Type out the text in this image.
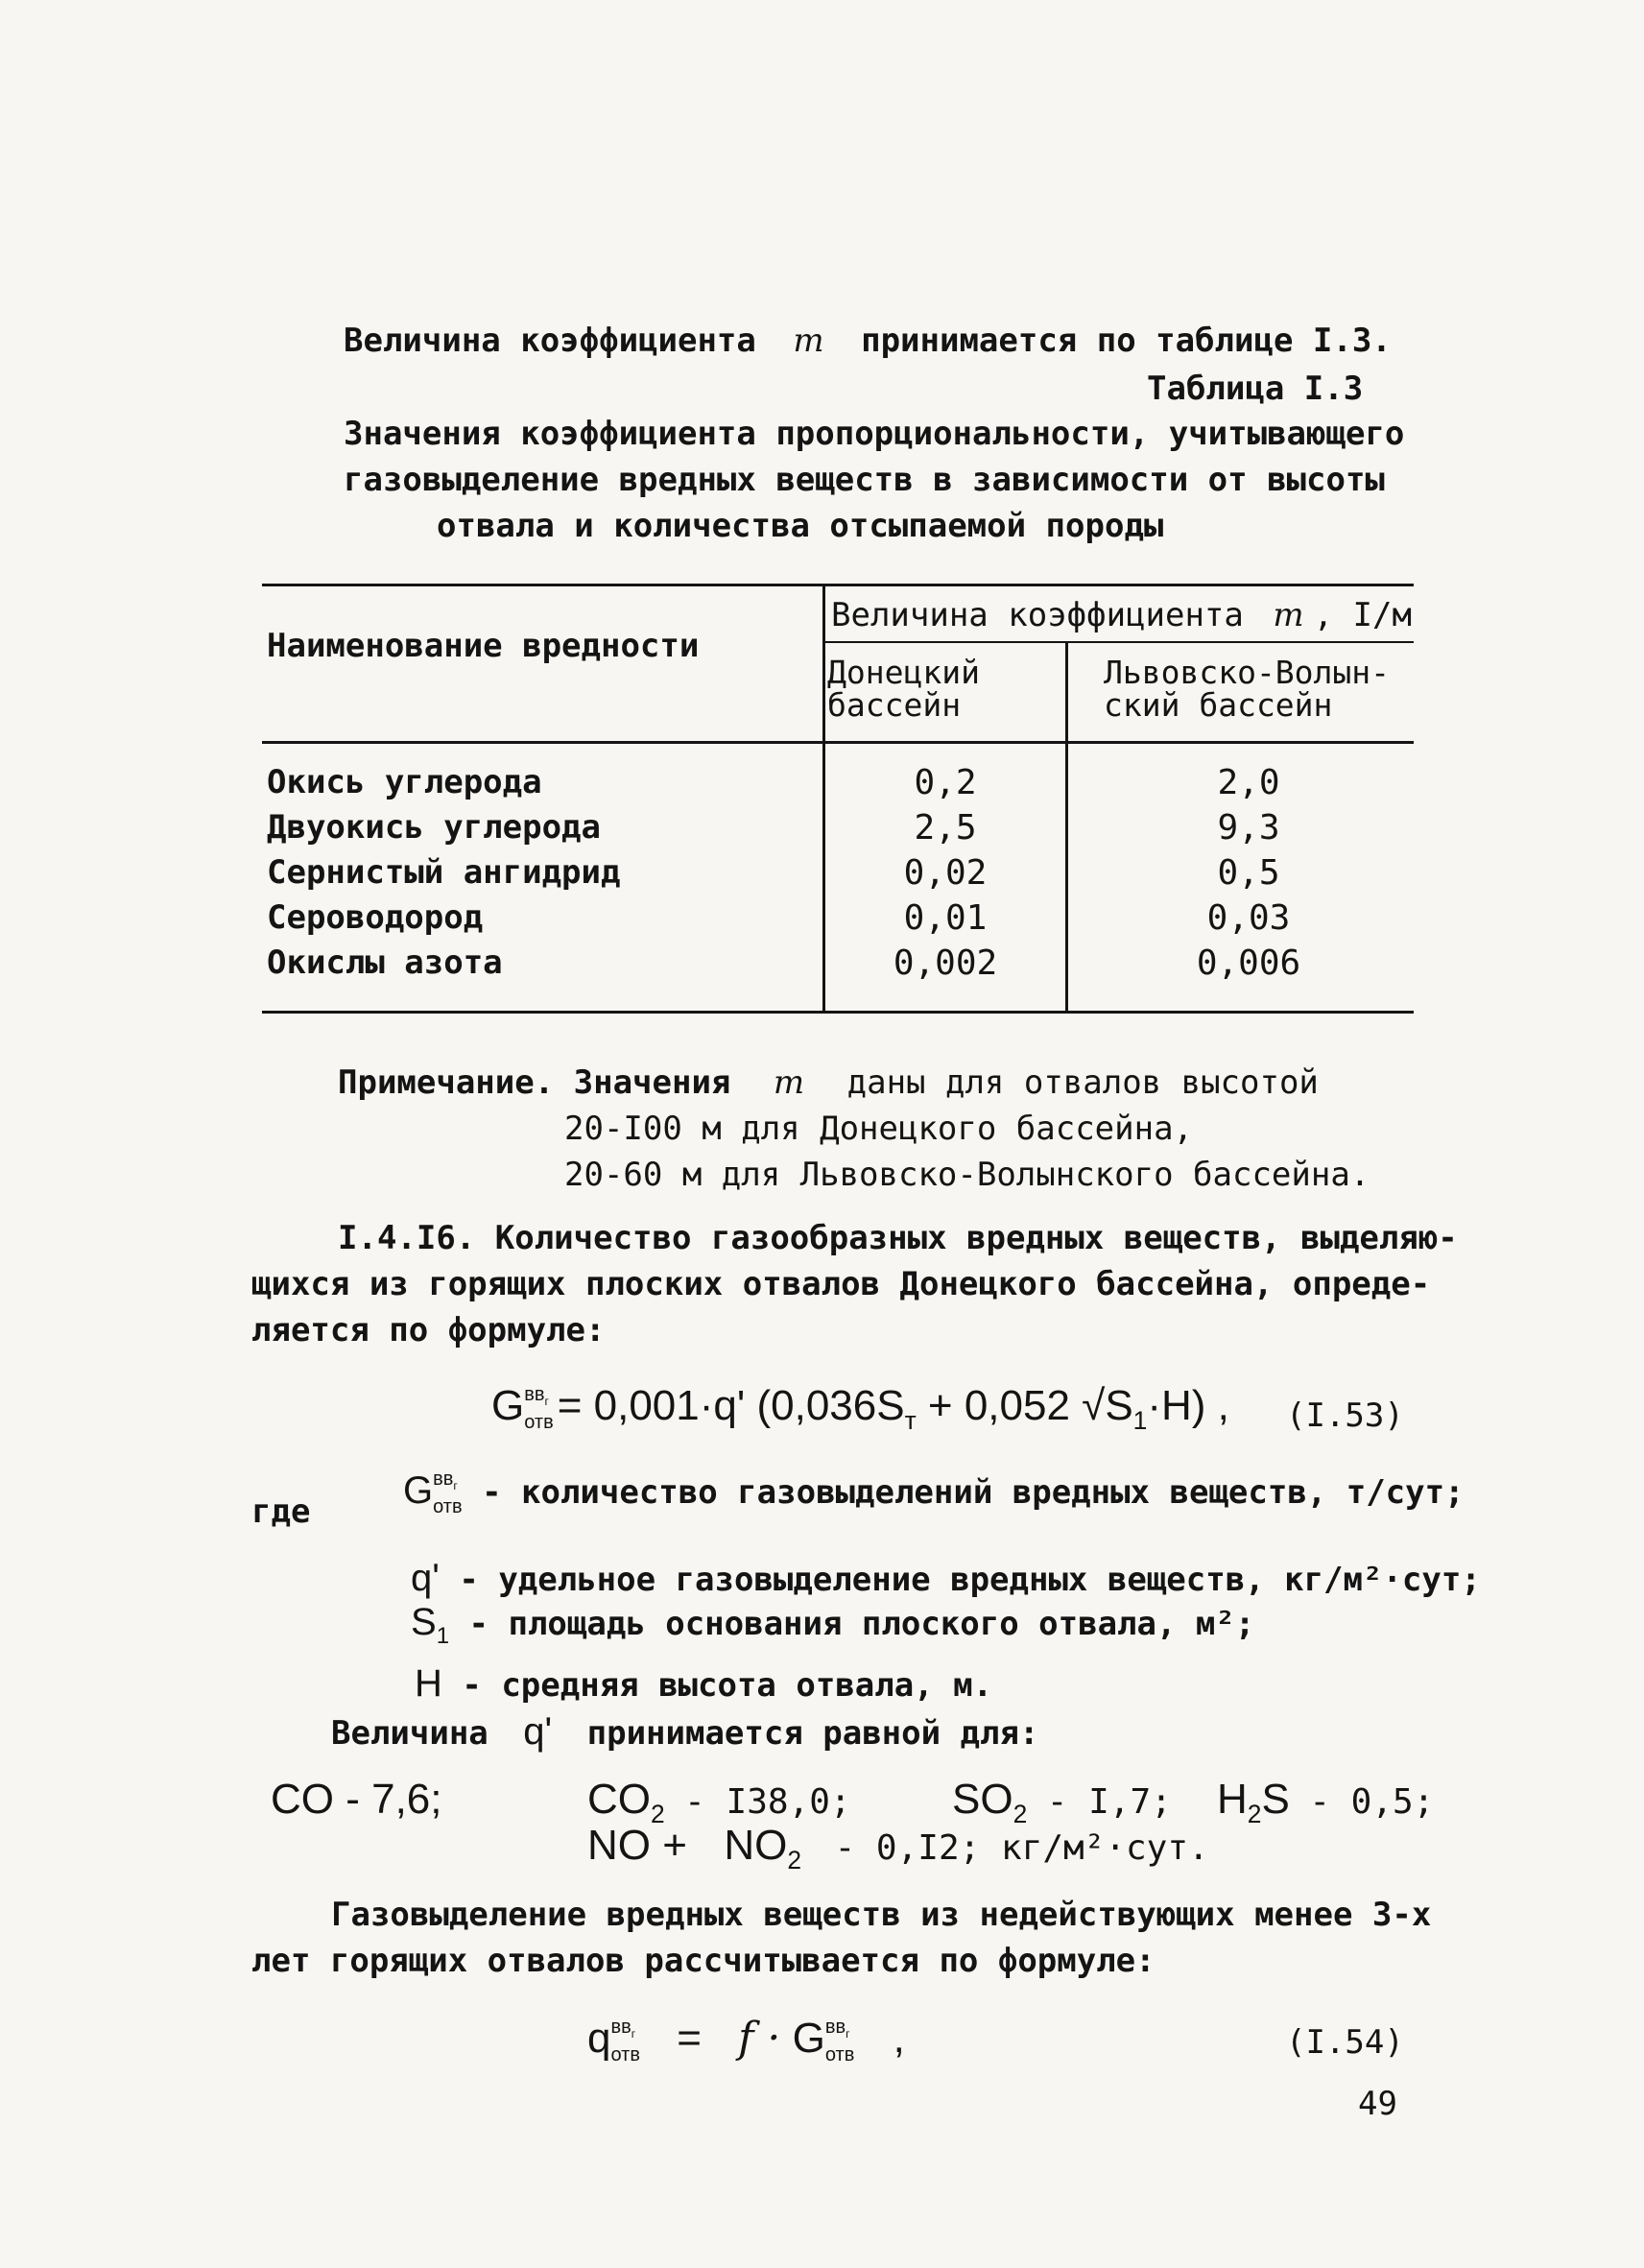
Величина коэффициента m принимается по таблице I.3.
Таблица I.3
Значения коэффициента пропорциональности, учитывающего
газовыделение вредных веществ в зависимости от высоты
отвала и количества отсыпаемой породы
Наименование вредности
Величина коэффициента m , I/м
Донецкий
бассейн
Львовско-Волын-
ский бассейн
Окись углерода	0,2	2,0
Двуокись углерода	2,5	9,3
Сернистый ангидрид	0,02	0,5
Сероводород	0,01	0,03
Окислы азота	0,002	0,006
Примечание. Значения m даны для отвалов высотой
20-I00 м для Донецкого бассейна,
20-60 м для Львовско-Волынского бассейна.
I.4.I6. Количество газообразных вредных веществ, выделяю-
щихся из горящих плоских отвалов Донецкого бассейна, опреде-
ляется по формуле:
G $вв_г$
отв = 0,001·q' ($0,036S_т + 0,052$ $√S_1\cdot H$) , (I.53)
где G $вв_г$
отв - количество газовыделений вредных веществ, т/сут;
q' - удельное газовыделение вредных веществ, кг/м²·сут;
$S_1$ - площадь основания плоского отвала, м²;
H - средняя высота отвала, м.
Величина q' принимается равной для:
CO - 7,6;	$CO_2 - I38,0$; $SO_2 - I,7$; $H_2S - 0,5$;
NO + $NO_2 - 0,I2$; кг/м²·сут.
Газовыделение вредных веществ из недействующих менее 3-х
лет горящих отвалов рассчитывается по формуле:
q $вв_г$
отв = f · G $вв_г$
отв ,	(I.54)
49
